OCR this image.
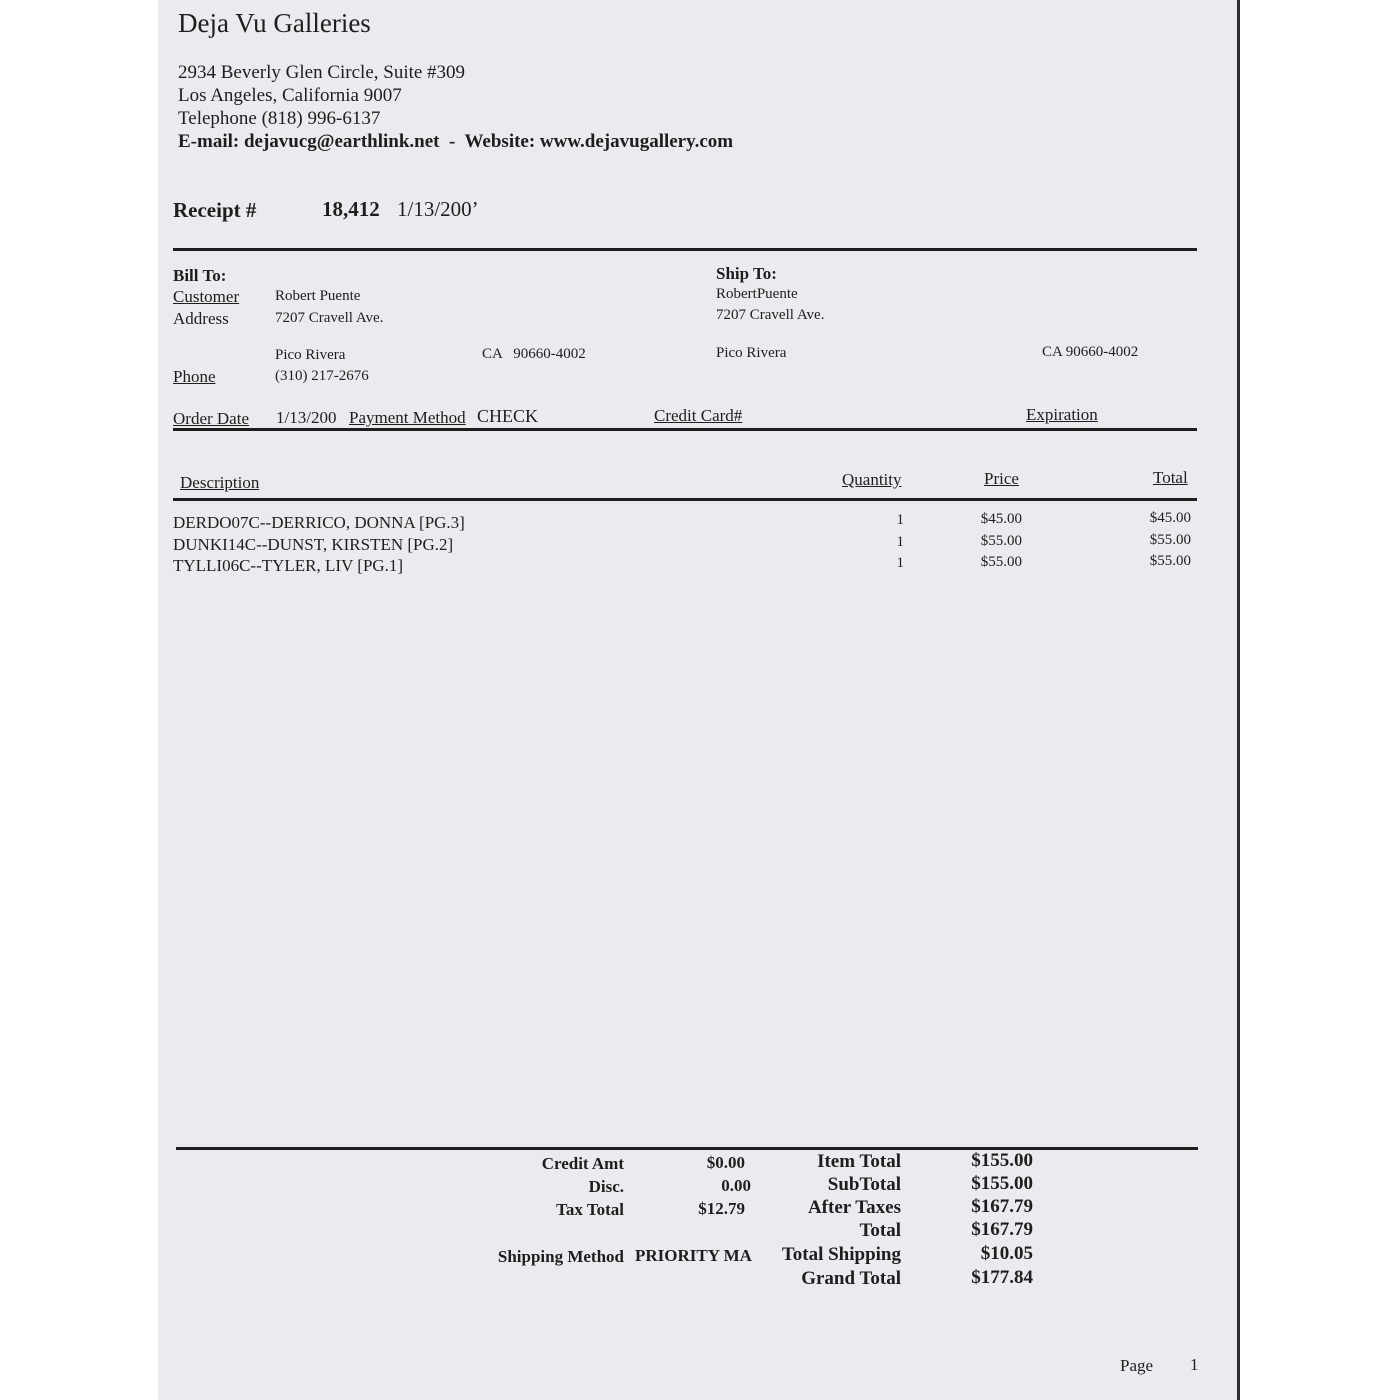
Deja Vu Galleries
2934 Beverly Glen Circle, Suite #309
Los Angeles, California 9007
Telephone (818) 996-6137
E-mail: dejavucg@earthlink.net  -  Website: www.dejavugallery.com
Receipt #	18,412 1/13/200’
Bill To:
Customer Robert Puente
Address	7207 Cravell Ave.
Pico Rivera	CA   90660-4002
Phone	(310) 217-2676
Ship To:
RobertPuente
7207 Cravell Ave.
Pico Rivera	CA 90660-4002
Order Date 1/13/200 Payment Method CHECK	Credit Card#	Expiration
Description	Quantity	Price	Total
DERDO07C--DERRICO, DONNA [PG.3]	1	$45.00	$45.00
DUNKI14C--DUNST, KIRSTEN [PG.2]	1	$55.00	$55.00
TYLLI06C--TYLER, LIV [PG.1]	1	$55.00	$55.00
Credit Amt	$0.00
Disc.	0.00
Tax Total	$12.79
Shipping Method PRIORITY MA
Item Total	$155.00
SubTotal	$155.00
After Taxes	$167.79
Total	$167.79
Total Shipping	$10.05
Grand Total	$177.84
Page 1
